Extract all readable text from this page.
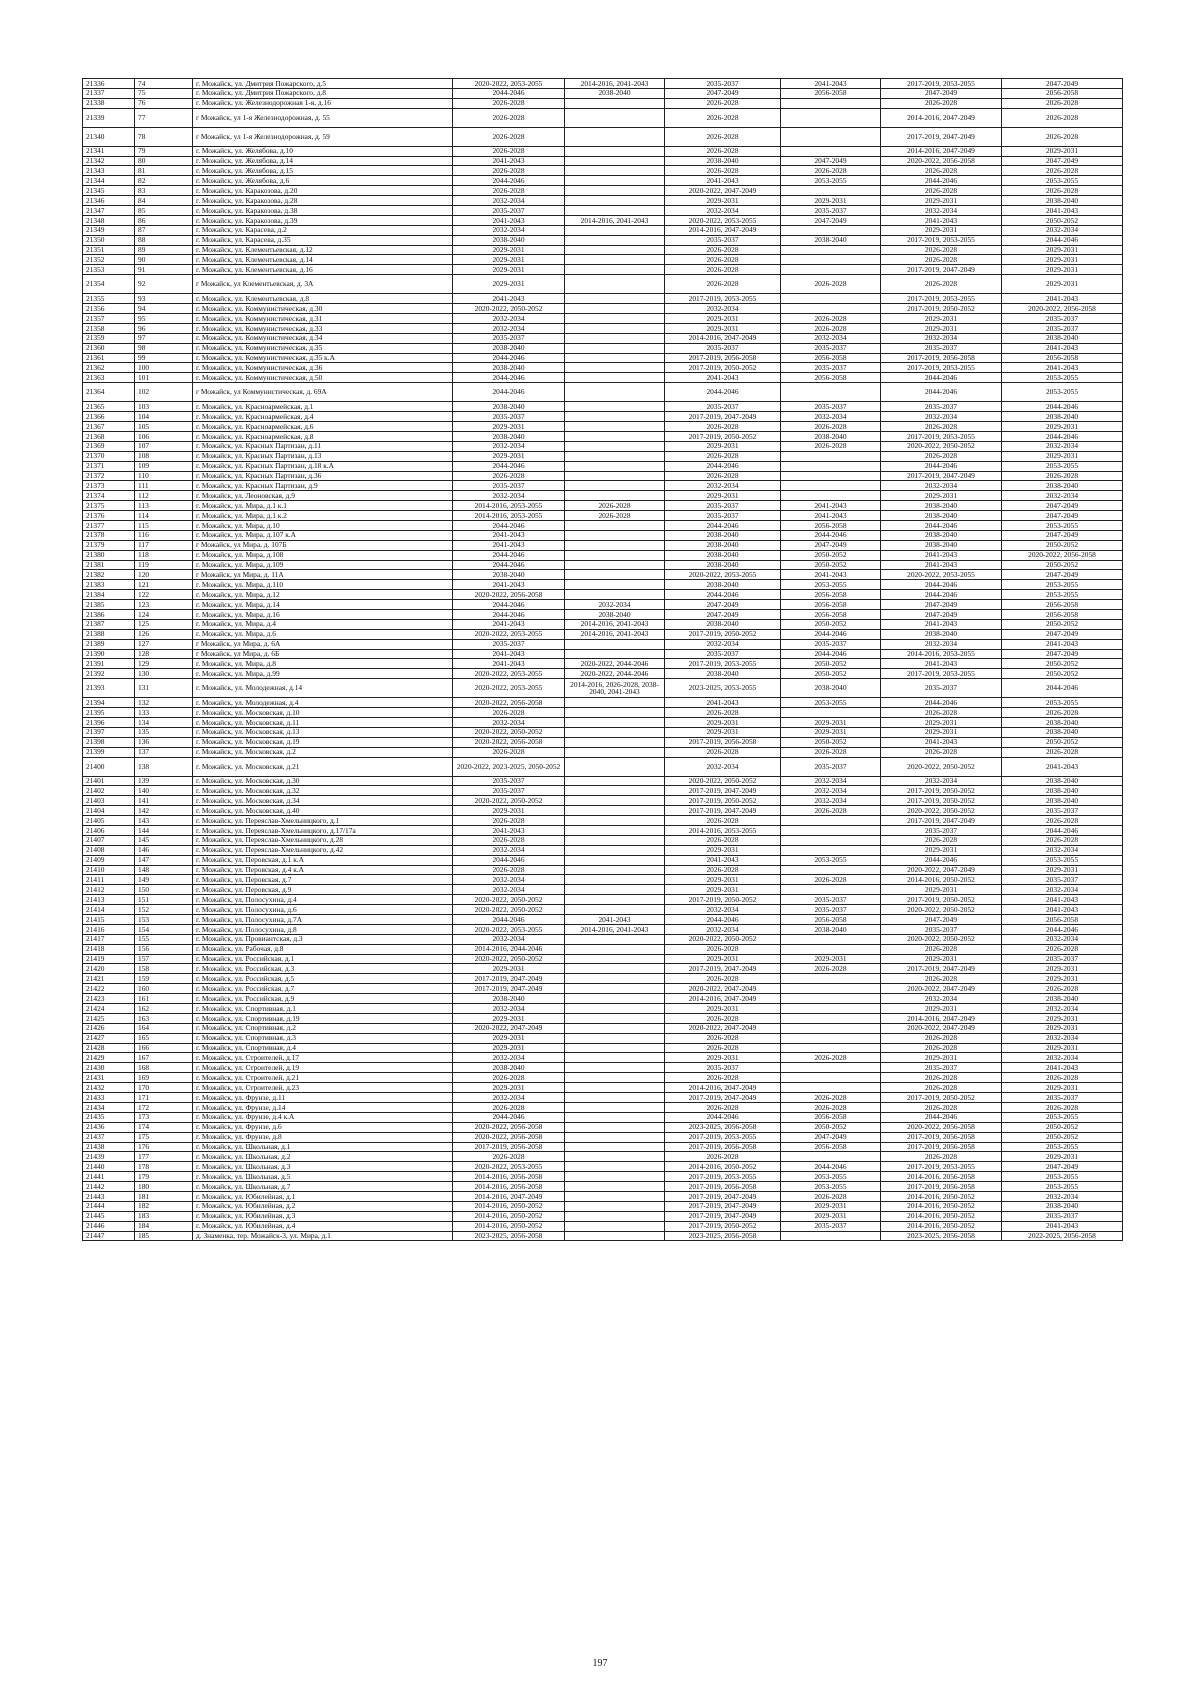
21336	74	г. Можайск, ул. Дмитрия Пожарского, д.5	2020-2022, 2053-2055	2014-2016, 2041-2043	2035-2037	2041-2043	2017-2019, 2053-2055	2047-2049
21337	75	г. Можайск, ул. Дмитрия Пожарского, д.8	2044-2046	2038-2040	2047-2049	2056-2058	2047-2049	2056-2058
21338	76	г. Можайск, ул. Железнодорожная 1-я, д.16	2026-2028		2026-2028		2026-2028	2026-2028
21339	77	г Можайск, ул 1-я Железнодорожная, д. 55	2026-2028		2026-2028		2014-2016, 2047-2049	2026-2028
21340	78	г Можайск, ул 1-я Железнодорожная, д. 59	2026-2028		2026-2028		2017-2019, 2047-2049	2026-2028
21341	79	г. Можайск, ул. Желябова, д.10	2026-2028		2026-2028		2014-2016, 2047-2049	2029-2031
21342	80	г. Можайск, ул. Желябова, д.14	2041-2043		2038-2040	2047-2049	2020-2022, 2056-2058	2047-2049
21343	81	г. Можайск, ул. Желябова, д.15	2026-2028		2026-2028	2026-2028	2026-2028	2026-2028
21344	82	г. Можайск, ул. Желябова, д.6	2044-2046		2041-2043	2053-2055	2044-2046	2053-2055
21345	83	г. Можайск, ул. Каракозова, д.20	2026-2028		2020-2022, 2047-2049		2026-2028	2026-2028
21346	84	г. Можайск, ул. Каракозова, д.28	2032-2034		2029-2031	2029-2031	2029-2031	2038-2040
21347	85	г. Можайск, ул. Каракозова, д.38	2035-2037		2032-2034	2035-2037	2032-2034	2041-2043
21348	86	г. Можайск, ул. Каракозова, д.39	2041-2043	2014-2016, 2041-2043	2020-2022, 2053-2055	2047-2049	2041-2043	2050-2052
21349	87	г. Можайск, ул. Карасева, д.2	2032-2034		2014-2016, 2047-2049		2029-2031	2032-2034
21350	88	г. Можайск, ул. Карасева, д.35	2038-2040		2035-2037	2038-2040	2017-2019, 2053-2055	2044-2046
21351	89	г. Можайск, ул. Клементьевская, д.12	2029-2031		2026-2028		2026-2028	2029-2031
21352	90	г. Можайск, ул. Клементьевская, д.14	2029-2031		2026-2028		2026-2028	2029-2031
21353	91	г. Можайск, ул. Клементьевская, д.16	2029-2031		2026-2028		2017-2019, 2047-2049	2029-2031
21354	92	г Можайск, ул Клементьевская, д. 3А	2029-2031		2026-2028	2026-2028	2026-2028	2029-2031
21355	93	г. Можайск, ул. Клементьевская, д.8	2041-2043		2017-2019, 2053-2055		2017-2019, 2053-2055	2041-2043
21356	94	г. Можайск, ул. Коммунистическая, д.30	2020-2022, 2050-2052		2032-2034		2017-2019, 2050-2052	2020-2022, 2056-2058
21357	95	г. Можайск, ул. Коммунистическая, д.31	2032-2034		2029-2031	2026-2028	2029-2031	2035-2037
21358	96	г. Можайск, ул. Коммунистическая, д.33	2032-2034		2029-2031	2026-2028	2029-2031	2035-2037
21359	97	г. Можайск, ул. Коммунистическая, д.34	2035-2037		2014-2016, 2047-2049	2032-2034	2032-2034	2038-2040
21360	98	г. Можайск, ул. Коммунистическая, д.35	2038-2040		2035-2037	2035-2037	2035-2037	2041-2043
21361	99	г. Можайск, ул. Коммунистическая, д.35 к.А	2044-2046		2017-2019, 2056-2058	2056-2058	2017-2019, 2056-2058	2056-2058
21362	100	г. Можайск, ул. Коммунистическая, д.36	2038-2040		2017-2019, 2050-2052	2035-2037	2017-2019, 2053-2055	2041-2043
21363	101	г. Можайск, ул. Коммунистическая, д.50	2044-2046		2041-2043	2056-2058	2044-2046	2053-2055
21364	102	г Можайск, ул Коммунистическая, д. 69А	2044-2046		2044-2046		2044-2046	2053-2055
21365	103	г. Можайск, ул. Красноармейская, д.1	2038-2040		2035-2037	2035-2037	2035-2037	2044-2046
21366	104	г. Можайск, ул. Красноармейская, д.4	2035-2037		2017-2019, 2047-2049	2032-2034	2032-2034	2038-2040
21367	105	г. Можайск, ул. Красноармейская, д.6	2029-2031		2026-2028	2026-2028	2026-2028	2029-2031
21368	106	г. Можайск, ул. Красноармейская, д.8	2038-2040		2017-2019, 2050-2052	2038-2040	2017-2019, 2053-2055	2044-2046
21369	107	г. Можайск, ул. Красных Партизан, д.11	2032-2034		2029-2031	2026-2028	2020-2022, 2050-2052	2032-2034
21370	108	г. Можайск, ул. Красных Партизан, д.13	2029-2031		2026-2028		2026-2028	2029-2031
21371	109	г. Можайск, ул. Красных Партизан, д.18 к.А	2044-2046		2044-2046		2044-2046	2053-2055
21372	110	г. Можайск, ул. Красных Партизан, д.36	2026-2028		2026-2028		2017-2019, 2047-2049	2026-2028
21373	111	г. Можайск, ул. Красных Партизан, д.9	2035-2037		2032-2034		2032-2034	2038-2040
21374	112	г. Можайск, ул. Леоновская, д.9	2032-2034		2029-2031		2029-2031	2032-2034
21375	113	г. Можайск, ул. Мира, д.1 к.1	2014-2016, 2053-2055	2026-2028	2035-2037	2041-2043	2038-2040	2047-2049
21376	114	г. Можайск, ул. Мира, д.1 к.2	2014-2016, 2053-2055	2026-2028	2035-2037	2041-2043	2038-2040	2047-2049
21377	115	г. Можайск, ул. Мира, д.10	2044-2046		2044-2046	2056-2058	2044-2046	2053-2055
21378	116	г. Можайск, ул. Мира, д.107 к.А	2041-2043		2038-2040	2044-2046	2038-2040	2047-2049
21379	117	г Можайск, ул Мира, д. 107Б	2041-2043		2038-2040	2047-2049	2038-2040	2050-2052
21380	118	г. Можайск, ул. Мира, д.108	2044-2046		2038-2040	2050-2052	2041-2043	2020-2022, 2056-2058
21381	119	г. Можайск, ул. Мира, д.109	2044-2046		2038-2040	2050-2052	2041-2043	2050-2052
21382	120	г Можайск, ул Мира, д. 11А	2038-2040		2020-2022, 2053-2055	2041-2043	2020-2022, 2053-2055	2047-2049
21383	121	г. Можайск, ул. Мира, д.110	2041-2043		2038-2040	2053-2055	2044-2046	2053-2055
21384	122	г. Можайск, ул. Мира, д.12	2020-2022, 2056-2058		2044-2046	2056-2058	2044-2046	2053-2055
21385	123	г. Можайск, ул. Мира, д.14	2044-2046	2032-2034	2047-2049	2056-2058	2047-2049	2056-2058
21386	124	г. Можайск, ул. Мира, д.16	2044-2046	2038-2040	2047-2049	2056-2058	2047-2049	2056-2058
21387	125	г. Можайск, ул. Мира, д.4	2041-2043	2014-2016, 2041-2043	2038-2040	2050-2052	2041-2043	2050-2052
21388	126	г. Можайск, ул. Мира, д.6	2020-2022, 2053-2055	2014-2016, 2041-2043	2017-2019, 2050-2052	2044-2046	2038-2040	2047-2049
21389	127	г Можайск, ул Мира, д. 6А	2035-2037		2032-2034	2035-2037	2032-2034	2041-2043
21390	128	г Можайск, ул Мира, д. 6Б	2041-2043		2035-2037	2044-2046	2014-2016, 2053-2055	2047-2049
21391	129	г. Можайск, ул. Мира, д.8	2041-2043	2020-2022, 2044-2046	2017-2019, 2053-2055	2050-2052	2041-2043	2050-2052
21392	130	г. Можайск, ул. Мира, д.99	2020-2022, 2053-2055	2020-2022, 2044-2046	2038-2040	2050-2052	2017-2019, 2053-2055	2050-2052
21393	131	г. Можайск, ул. Молодежная, д.14	2020-2022, 2053-2055	2014-2016, 2026-2028, 2038-2040, 2041-2043	2023-2025, 2053-2055	2038-2040	2035-2037	2044-2046
21394	132	г. Можайск, ул. Молодежная, д.4	2020-2022, 2056-2058		2041-2043	2053-2055	2044-2046	2053-2055
21395	133	г. Можайск, ул. Московская, д.10	2026-2028		2026-2028		2026-2028	2026-2028
21396	134	г. Можайск, ул. Московская, д.11	2032-2034		2029-2031	2029-2031	2029-2031	2038-2040
21397	135	г. Можайск, ул. Московская, д.13	2020-2022, 2050-2052		2029-2031	2029-2031	2029-2031	2038-2040
21398	136	г. Можайск, ул. Московская, д.19	2020-2022, 2056-2058		2017-2019, 2056-2058	2050-2052	2041-2043	2050-2052
21399	137	г. Можайск, ул. Московская, д.2	2026-2028		2026-2028	2026-2028	2026-2028	2026-2028
21400	138	г. Можайск, ул. Московская, д.21	2020-2022, 2023-2025, 2050-2052		2032-2034	2035-2037	2020-2022, 2050-2052	2041-2043
21401	139	г. Можайск, ул. Московская, д.30	2035-2037		2020-2022, 2050-2052	2032-2034	2032-2034	2038-2040
21402	140	г. Можайск, ул. Московская, д.32	2035-2037		2017-2019, 2047-2049	2032-2034	2017-2019, 2050-2052	2038-2040
21403	141	г. Можайск, ул. Московская, д.34	2020-2022, 2050-2052		2017-2019, 2050-2052	2032-2034	2017-2019, 2050-2052	2038-2040
21404	142	г. Можайск, ул. Московская, д.40	2029-2031		2017-2019, 2047-2049	2026-2028	2020-2022, 2050-2052	2035-2037
21405	143	г. Можайск, ул. Переяслав-Хмельницкого, д.1	2026-2028		2026-2028		2017-2019, 2047-2049	2026-2028
21406	144	г. Можайск, ул. Переяслав-Хмельницкого, д.17/17а	2041-2043		2014-2016, 2053-2055		2035-2037	2044-2046
21407	145	г. Можайск, ул. Переяслав-Хмельницкого, д.28	2026-2028		2026-2028		2026-2028	2026-2028
21408	146	г. Можайск, ул. Переяслав-Хмельницкого, д.42	2032-2034		2029-2031		2029-2031	2032-2034
21409	147	г. Можайск, ул. Перовская, д.1 к.А	2044-2046		2041-2043	2053-2055	2044-2046	2053-2055
21410	148	г. Можайск, ул. Перовская, д.4 к.А	2026-2028		2026-2028		2020-2022, 2047-2049	2029-2031
21411	149	г. Можайск, ул. Перовская, д.7	2032-2034		2029-2031	2026-2028	2014-2016, 2050-2052	2035-2037
21412	150	г. Можайск, ул. Перовская, д.9	2032-2034		2029-2031		2029-2031	2032-2034
21413	151	г. Можайск, ул. Полосухина, д.4	2020-2022, 2050-2052		2017-2019, 2050-2052	2035-2037	2017-2019, 2050-2052	2041-2043
21414	152	г. Можайск, ул. Полосухина, д.6	2020-2022, 2050-2052		2032-2034	2035-2037	2020-2022, 2050-2052	2041-2043
21415	153	г. Можайск, ул. Полосухина, д.7А	2044-2046	2041-2043	2044-2046	2056-2058	2047-2049	2056-2058
21416	154	г. Можайск, ул. Полосухина, д.8	2020-2022, 2053-2055	2014-2016, 2041-2043	2032-2034	2038-2040	2035-2037	2044-2046
21417	155	г. Можайск, ул. Провиантская, д.3	2032-2034		2020-2022, 2050-2052		2020-2022, 2050-2052	2032-2034
21418	156	г. Можайск, ул. Рабочая, д.8	2014-2016, 2044-2046		2026-2028		2026-2028	2026-2028
21419	157	г. Можайск, ул. Российская, д.1	2020-2022, 2050-2052		2029-2031	2029-2031	2029-2031	2035-2037
21420	158	г. Можайск, ул. Российская, д.3	2029-2031		2017-2019, 2047-2049	2026-2028	2017-2019, 2047-2049	2029-2031
21421	159	г. Можайск, ул. Российская, д.5	2017-2019, 2047-2049		2026-2028		2026-2028	2029-2031
21422	160	г. Можайск, ул. Российская, д.7	2017-2019, 2047-2049		2020-2022, 2047-2049		2020-2022, 2047-2049	2026-2028
21423	161	г. Можайск, ул. Российская, д.9	2038-2040		2014-2016, 2047-2049		2032-2034	2038-2040
21424	162	г. Можайск, ул. Спортивная, д.1	2032-2034		2029-2031		2029-2031	2032-2034
21425	163	г. Можайск, ул. Спортивная, д.19	2029-2031		2026-2028		2014-2016, 2047-2049	2029-2031
21426	164	г. Можайск, ул. Спортивная, д.2	2020-2022, 2047-2049		2020-2022, 2047-2049		2020-2022, 2047-2049	2029-2031
21427	165	г. Можайск, ул. Спортивная, д.3	2029-2031		2026-2028		2026-2028	2032-2034
21428	166	г. Можайск, ул. Спортивная, д.4	2029-2031		2026-2028		2026-2028	2029-2031
21429	167	г. Можайск, ул. Строителей, д.17	2032-2034		2029-2031	2026-2028	2029-2031	2032-2034
21430	168	г. Можайск, ул. Строителей, д.19	2038-2040		2035-2037		2035-2037	2041-2043
21431	169	г. Можайск, ул. Строителей, д.21	2026-2028		2026-2028		2026-2028	2026-2028
21432	170	г. Можайск, ул. Строителей, д.23	2029-2031		2014-2016, 2047-2049		2026-2028	2029-2031
21433	171	г. Можайск, ул. Фрунзе, д.11	2032-2034		2017-2019, 2047-2049	2026-2028	2017-2019, 2050-2052	2035-2037
21434	172	г. Можайск, ул. Фрунзе, д.14	2026-2028		2026-2028	2026-2028	2026-2028	2026-2028
21435	173	г. Можайск, ул. Фрунзе, д.4 к.А	2044-2046		2044-2046	2056-2058	2044-2046	2053-2055
21436	174	г. Можайск, ул. Фрунзе, д.6	2020-2022, 2056-2058		2023-2025, 2056-2058	2050-2052	2020-2022, 2056-2058	2050-2052
21437	175	г. Можайск, ул. Фрунзе, д.8	2020-2022, 2056-2058		2017-2019, 2053-2055	2047-2049	2017-2019, 2056-2058	2050-2052
21438	176	г. Можайск, ул. Школьная, д.1	2017-2019, 2056-2058		2017-2019, 2056-2058	2056-2058	2017-2019, 2056-2058	2053-2055
21439	177	г. Можайск, ул. Школьная, д.2	2026-2028		2026-2028		2026-2028	2029-2031
21440	178	г. Можайск, ул. Школьная, д.3	2020-2022, 2053-2055		2014-2016, 2050-2052	2044-2046	2017-2019, 2053-2055	2047-2049
21441	179	г. Можайск, ул. Школьная, д.5	2014-2016, 2056-2058		2017-2019, 2053-2055	2053-2055	2014-2016, 2056-2058	2053-2055
21442	180	г. Можайск, ул. Школьная, д.7	2014-2016, 2056-2058		2017-2019, 2056-2058	2053-2055	2017-2019, 2056-2058	2053-2055
21443	181	г. Можайск, ул. Юбилейная, д.1	2014-2016, 2047-2049		2017-2019, 2047-2049	2026-2028	2014-2016, 2050-2052	2032-2034
21444	182	г. Можайск, ул. Юбилейная, д.2	2014-2016, 2050-2052		2017-2019, 2047-2049	2029-2031	2014-2016, 2050-2052	2038-2040
21445	183	г. Можайск, ул. Юбилейная, д.3	2014-2016, 2050-2052		2017-2019, 2047-2049	2029-2031	2014-2016, 2050-2052	2035-2037
21446	184	г. Можайск, ул. Юбилейная, д.4	2014-2016, 2050-2052		2017-2019, 2050-2052	2035-2037	2014-2016, 2050-2052	2041-2043
21447	185	д. Знаменка, тер. Можайск-3, ул. Мира, д.1	2023-2025, 2056-2058		2023-2025, 2056-2058		2023-2025, 2056-2058	2022-2025, 2056-2058
197
